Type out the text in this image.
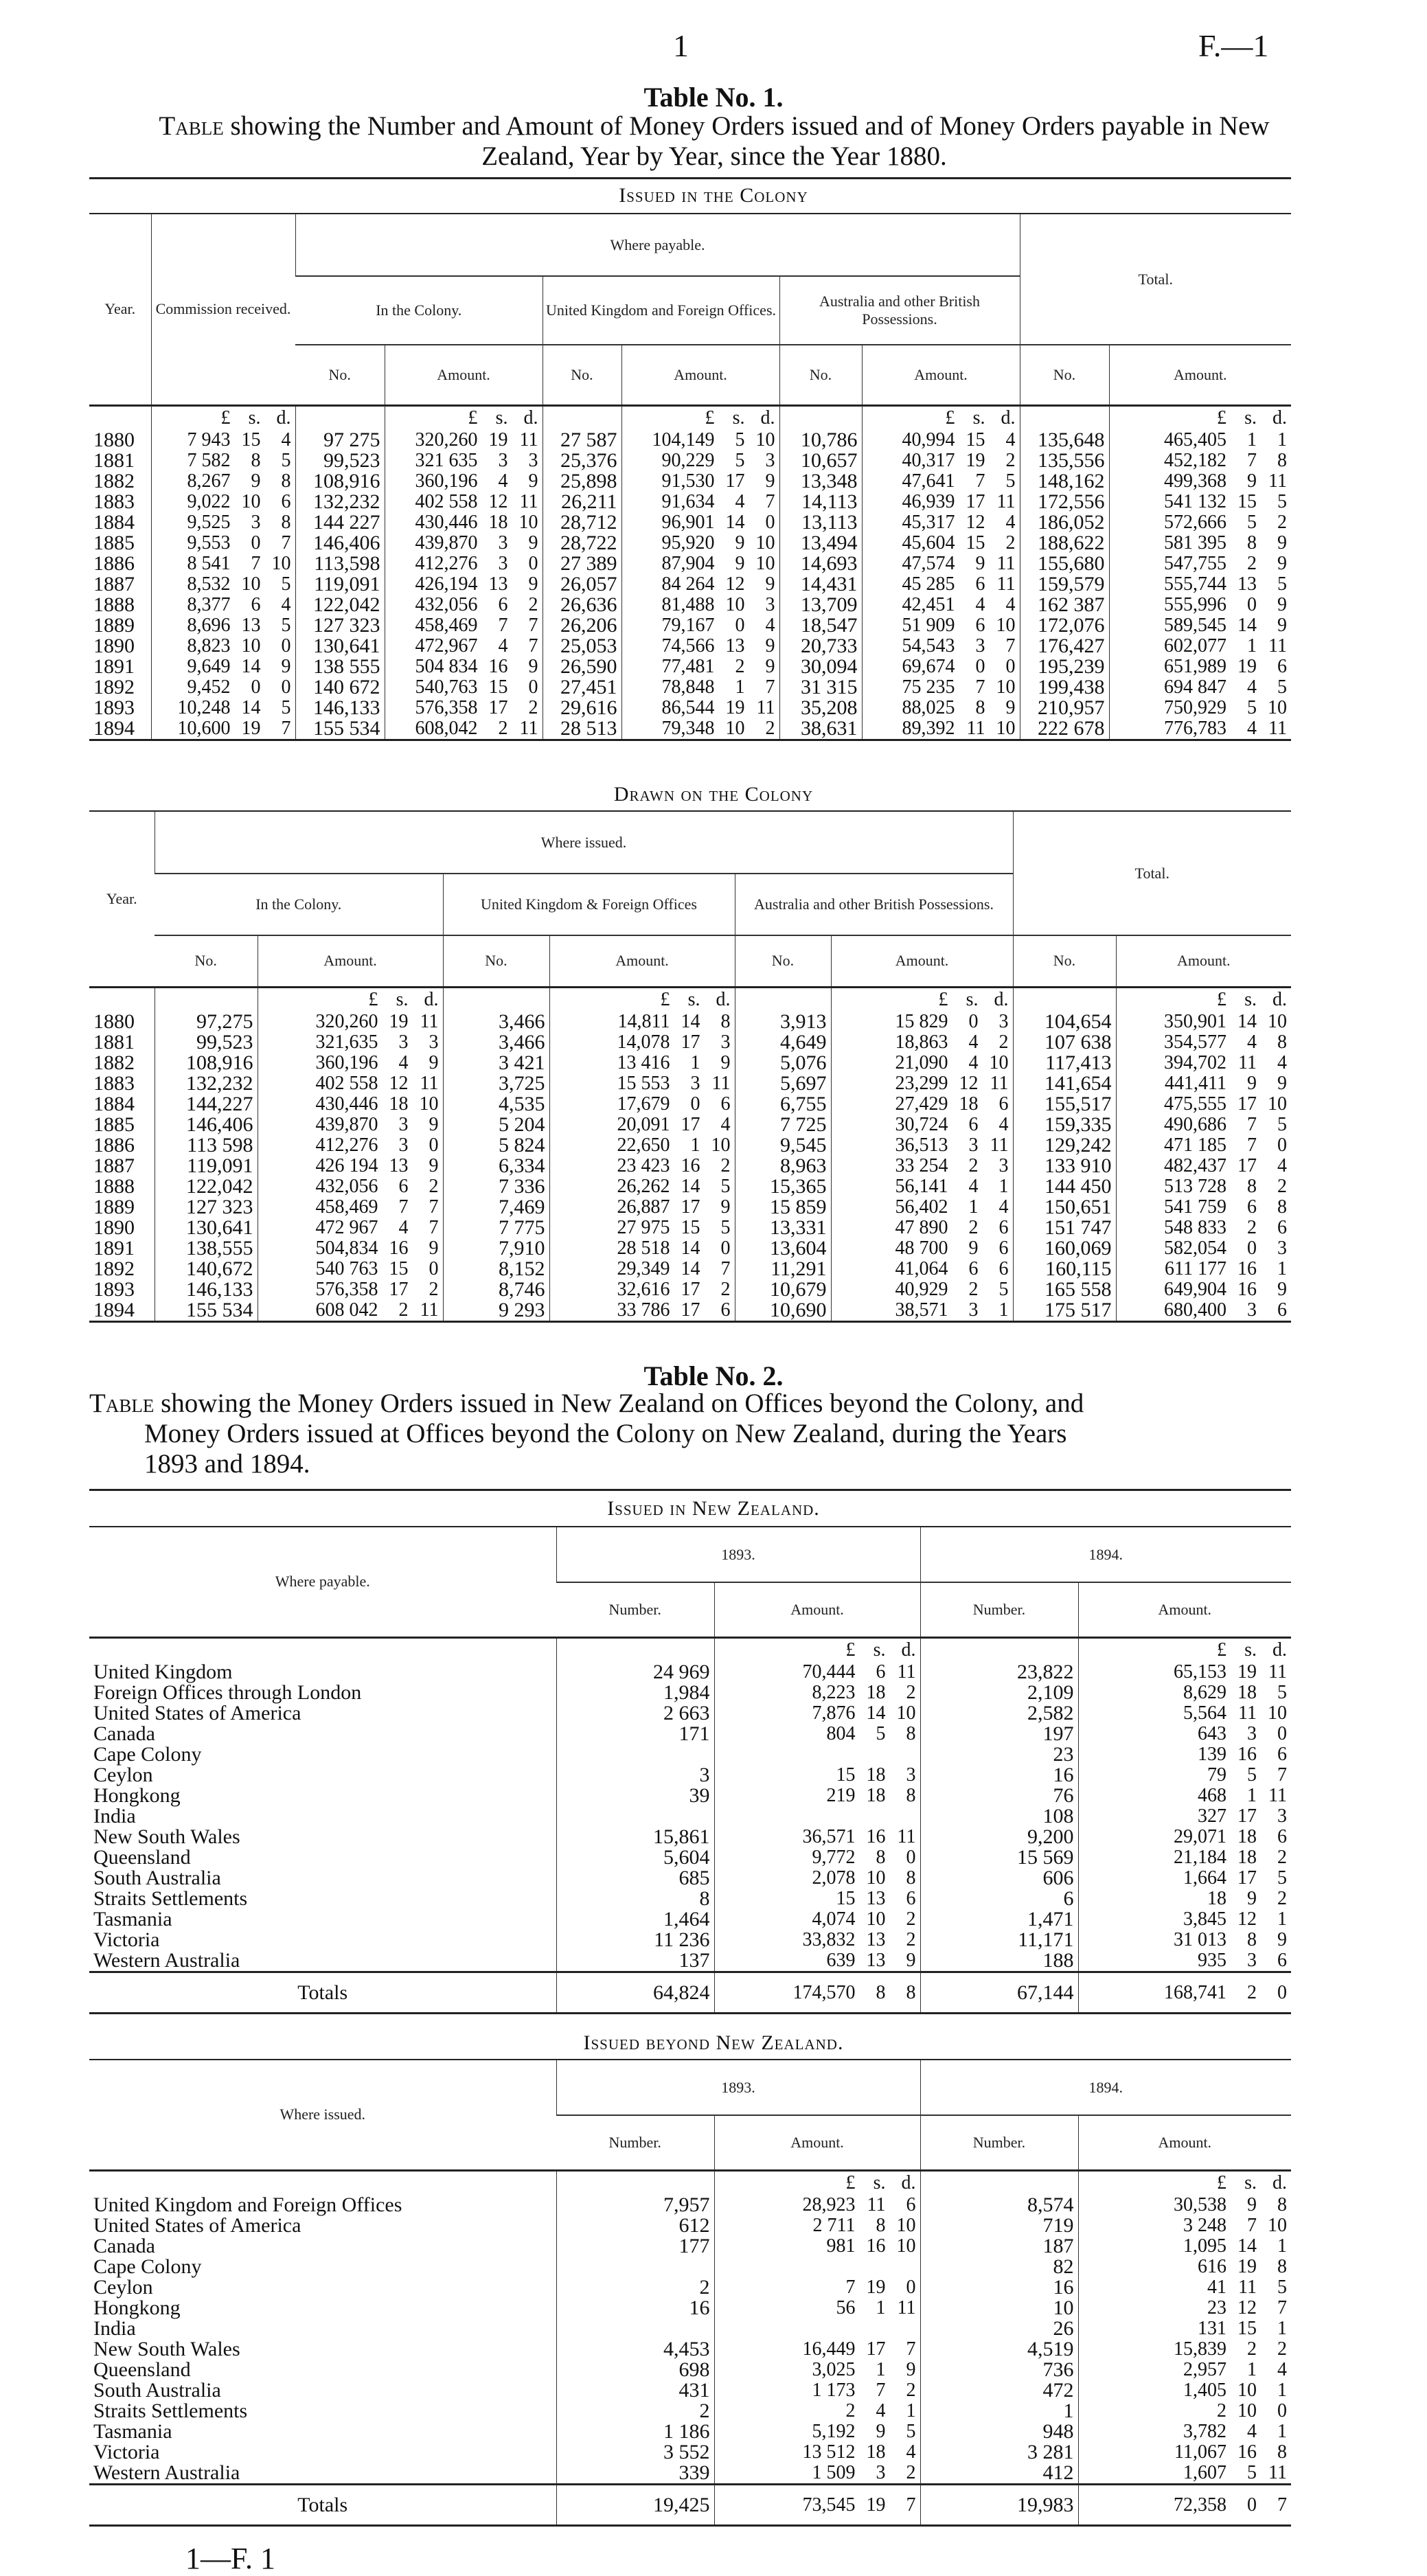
1	F.—1
Table No. 1.
Table showing the Number and Amount of Money Orders issued and of Money Orders payable in New Zealand, Year by Year, since the Year 1880.
Issued in the Colony
Year.	Commission received.	Where payable.						Total.	
		In the Colony.		United Kingdom and Foreign Offices.		Australia and other British Possessions.			
		No.	Amount.	No.	Amount.	No.	Amount.	No.	Amount.

	£ s. d.		£ s. d.		£ s. d.		£ s. d.		£ s. d.

1880	7 943 15 4	97 275	320,260 19 11	27 587	104,149 5 10	10,786	40,994 15 4	135,648	465,405 1 1

1881	7 582 8 5	99,523	321 635 3 3	25,376	90,229 5 3	10,657	40,317 19 2	135,556	452,182 7 8

1882	8,267 9 8	108,916	360,196 4 9	25,898	91,530 17 9	13,348	47,641 7 5	148,162	499,368 9 11

1883	9,022 10 6	132,232	402 558 12 11	26,211	91,634 4 7	14,113	46,939 17 11	172,556	541 132 15 5

1884	9,525 3 8	144 227	430,446 18 10	28,712	96,901 14 0	13,113	45,317 12 4	186,052	572,666 5 2

1885	9,553 0 7	146,406	439,870 3 9	28,722	95,920 9 10	13,494	45,604 15 2	188,622	581 395 8 9

1886	8 541 7 10	113,598	412,276 3 0	27 389	87,904 9 10	14,693	47,574 9 11	155,680	547,755 2 9

1887	8,532 10 5	119,091	426,194 13 9	26,057	84 264 12 9	14,431	45 285 6 11	159,579	555,744 13 5

1888	8,377 6 4	122,042	432,056 6 2	26,636	81,488 10 3	13,709	42,451 4 4	162 387	555,996 0 9

1889	8,696 13 5	127 323	458,469 7 7	26,206	79,167 0 4	18,547	51 909 6 10	172,076	589,545 14 9

1890	8,823 10 0	130,641	472,967 4 7	25,053	74,566 13 9	20,733	54,543 3 7	176,427	602,077 1 11

1891	9,649 14 9	138 555	504 834 16 9	26,590	77,481 2 9	30,094	69,674 0 0	195,239	651,989 19 6

1892	9,452 0 0	140 672	540,763 15 0	27,451	78,848 1 7	31 315	75 235 7 10	199,438	694 847 4 5

1893	10,248 14 5	146,133	576,358 17 2	29,616	86,544 19 11	35,208	88,025 8 9	210,957	750,929 5 10

1894	10,600 19 7	155 534	608,042 2 11	28 513	79,348 10 2	38,631	89,392 11 10	222 678	776,783 4 11
Drawn on the Colony
Year.	Where issued.						Total.	
	In the Colony.		United Kingdom & Foreign Offices		Australia and other British Possessions.			
	No.	Amount.	No.	Amount.	No.	Amount.	No.	Amount.

		£ s. d.		£ s. d.		£ s. d.		£ s. d.

1880	97,275	320,260 19 11	3,466	14,811 14 8	3,913	15 829 0 3	104,654	350,901 14 10

1881	99,523	321,635 3 3	3,466	14,078 17 3	4,649	18,863 4 2	107 638	354,577 4 8

1882	108,916	360,196 4 9	3 421	13 416 1 9	5,076	21,090 4 10	117,413	394,702 11 4

1883	132,232	402 558 12 11	3,725	15 553 3 11	5,697	23,299 12 11	141,654	441,411 9 9

1884	144,227	430,446 18 10	4,535	17,679 0 6	6,755	27,429 18 6	155,517	475,555 17 10

1885	146,406	439,870 3 9	5 204	20,091 17 4	7 725	30,724 6 4	159,335	490,686 7 5

1886	113 598	412,276 3 0	5 824	22,650 1 10	9,545	36,513 3 11	129,242	471 185 7 0

1887	119,091	426 194 13 9	6,334	23 423 16 2	8,963	33 254 2 3	133 910	482,437 17 4

1888	122,042	432,056 6 2	7 336	26,262 14 5	15,365	56,141 4 1	144 450	513 728 8 2

1889	127 323	458,469 7 7	7,469	26,887 17 9	15 859	56,402 1 4	150,651	541 759 6 8

1890	130,641	472 967 4 7	7 775	27 975 15 5	13,331	47 890 2 6	151 747	548 833 2 6

1891	138,555	504,834 16 9	7,910	28 518 14 0	13,604	48 700 9 6	160,069	582,054 0 3

1892	140,672	540 763 15 0	8,152	29,349 14 7	11,291	41,064 6 6	160,115	611 177 16 1

1893	146,133	576,358 17 2	8,746	32,616 17 2	10,679	40,929 2 5	165 558	649,904 16 9

1894	155 534	608 042 2 11	9 293	33 786 17 6	10,690	38,571 3 1	175 517	680,400 3 6
Table No. 2.
Table showing the Money Orders issued in New Zealand on Offices beyond the Colony, and
Money Orders issued at Offices beyond the Colony on New Zealand, during the Years
1893 and 1894.
Issued in New Zealand.
Where payable.	1893.		1894.	
	Number.	Amount.	Number.	Amount.

		£ s. d.		£ s. d.

United Kingdom	24 969	70,444 6 11	23,822	65,153 19 11

Foreign Offices through London	1,984	8,223 18 2	2,109	8,629 18 5

United States of America	2 663	7,876 14 10	2,582	5,564 11 10

Canada	171	804 5 8	197	643 3 0

Cape Colony			23	139 16 6

Ceylon	3	15 18 3	16	79 5 7

Hongkong	39	219 18 8	76	468 1 11

India			108	327 17 3

New South Wales	15,861	36,571 16 11	9,200	29,071 18 6

Queensland	5,604	9,772 8 0	15 569	21,184 18 2

South Australia	685	2,078 10 8	606	1,664 17 5

Straits Settlements	8	15 13 6	6	18 9 2

Tasmania	1,464	4,074 10 2	1,471	3,845 12 1

Victoria	11 236	33,832 13 2	11,171	31 013 8 9

Western Australia	137	639 13 9	188	935 3 6

Totals	64,824	174,570 8 8	67,144	168,741 2 0
Issued beyond New Zealand.
Where issued.	1893.		1894.	
	Number.	Amount.	Number.	Amount.

		£ s. d.		£ s. d.

United Kingdom and Foreign Offices	7,957	28,923 11 6	8,574	30,538 9 8

United States of America	612	2 711 8 10	719	3 248 7 10

Canada	177	981 16 10	187	1,095 14 1

Cape Colony			82	616 19 8

Ceylon	2	7 19 0	16	41 11 5

Hongkong	16	56 1 11	10	23 12 7

India			26	131 15 1

New South Wales	4,453	16,449 17 7	4,519	15,839 2 2

Queensland	698	3,025 1 9	736	2,957 1 4

South Australia	431	1 173 7 2	472	1,405 10 1

Straits Settlements	2	2 4 1	1	2 10 0

Tasmania	1 186	5,192 9 5	948	3,782 4 1

Victoria	3 552	13 512 18 4	3 281	11,067 16 8

Western Australia	339	1 509 3 2	412	1,607 5 11

Totals	19,425	73,545 19 7	19,983	72,358 0 7
1—F. 1
